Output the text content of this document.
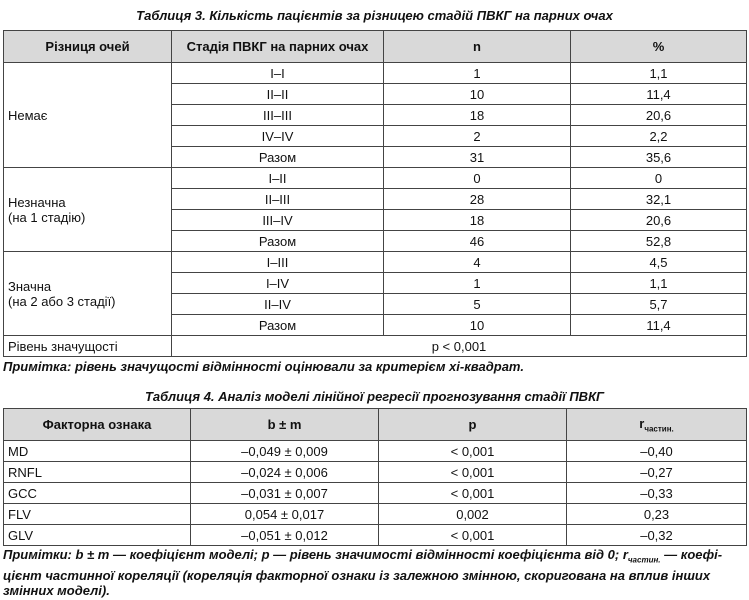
Таблиця 3. Кількість пацієнтів за різницею стадій ПВКГ на парних очах
Різниця очей	Стадія ПВКГ на парних очах	n	%
Немає	I–I	1	1,1
	II–II	10	11,4
	III–III	18	20,6
	IV–IV	2	2,2
	Разом	31	35,6
Незначна
(на 1 стадію)	I–II	0	0
	II–III	28	32,1
	III–IV	18	20,6
	Разом	46	52,8
Значна
(на 2 або 3 стадії)	I–III	4	4,5
	I–IV	1	1,1
	II–IV	5	5,7
	Разом	10	11,4
Рівень значущості	p < 0,001		
Примітка: рівень значущості відмінності оцінювали за критерієм хі-квадрат.
Таблиця 4. Аналіз моделі лінійної регресії прогнозування стадії ПВКГ
Факторна ознака	b ± m	p	$r_{частин.}$
MD	–0,049 ± 0,009	< 0,001	–0,40
RNFL	–0,024 ± 0,006	< 0,001	–0,27
GCC	–0,031 ± 0,007	< 0,001	–0,33
FLV	0,054 ± 0,017	0,002	0,23
GLV	–0,051 ± 0,012	< 0,001	–0,32
Примітки: b ± m — коефіцієнт моделі; p — рівень значимості відмінності коефіцієнта від 0; $r_{частин.}$ — коефі-цієнт частинної кореляції (кореляція факторної ознаки із залежною змінною, скоригована на вплив інших змінних моделі).
